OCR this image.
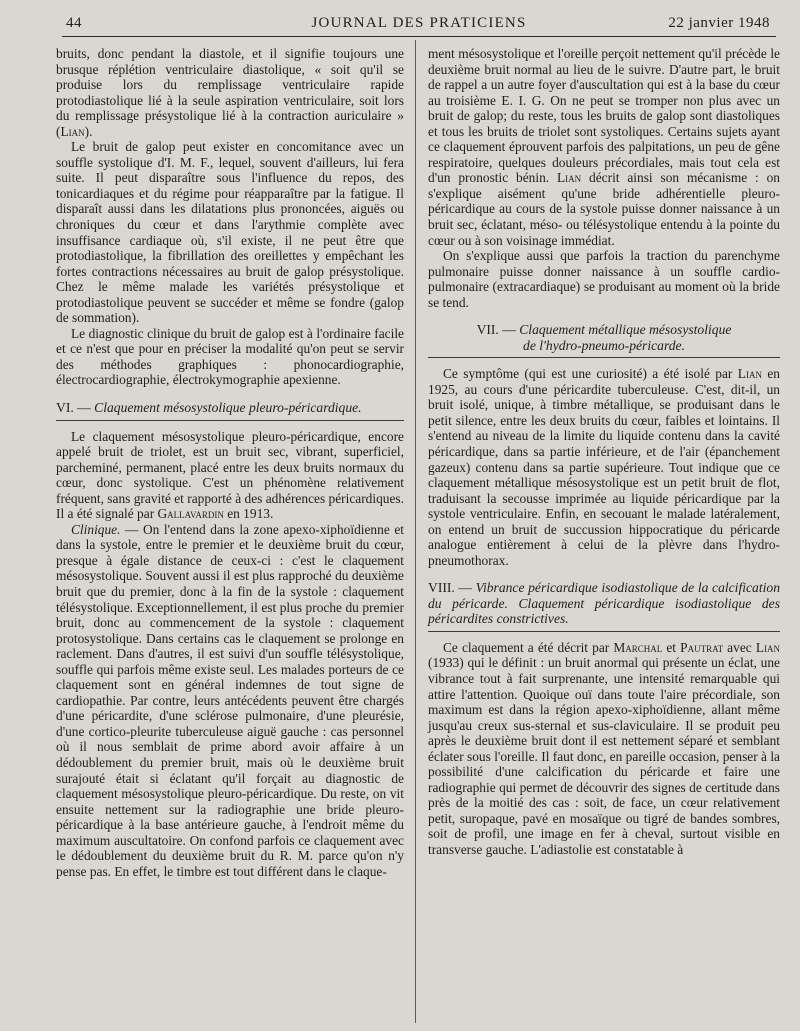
44	JOURNAL DES PRATICIENS	22 janvier 1948

bruits, donc pendant la diastole, et il signifie toujours une brusque réplétion ventriculaire diastolique, « soit qu'il se produise lors du remplissage ventriculaire rapide protodiastolique lié à la seule aspiration ventriculaire, soit lors du remplissage présystolique lié à la contraction auriculaire » (Lian).

Le bruit de galop peut exister en concomitance avec un souffle systolique d'I. M. F., lequel, souvent d'ailleurs, lui fera suite. Il peut disparaître sous l'influence du repos, des tonicardiaques et du régime pour réapparaître par la fatigue. Il disparaît aussi dans les dilatations plus prononcées, aiguës ou chroniques du cœur et dans l'arythmie complète avec insuffisance cardiaque où, s'il existe, il ne peut être que protodiastolique, la fibrillation des oreillettes y empêchant les fortes contractions nécessaires au bruit de galop présystolique. Chez le même malade les variétés présystolique et protodiastolique peuvent se succéder et même se fondre (galop de sommation).

Le diagnostic clinique du bruit de galop est à l'ordinaire facile et ce n'est que pour en préciser la modalité qu'on peut se servir des méthodes graphiques : phonocardiographie, électrocardiographie, électrokymographie apexienne.

VI. — Claquement mésosystolique pleuro-péricardique.

Le claquement mésosystolique pleuro-péricardique, encore appelé bruit de triolet, est un bruit sec, vibrant, superficiel, parcheminé, permanent, placé entre les deux bruits normaux du cœur, donc systolique. C'est un phénomène relativement fréquent, sans gravité et rapporté à des adhérences péricardiques. Il a été signalé par Gallavardin en 1913.

Clinique. — On l'entend dans la zone apexo-xiphoïdienne et dans la systole, entre le premier et le deuxième bruit du cœur, presque à égale distance de ceux-ci : c'est le claquement mésosystolique. Souvent aussi il est plus rapproché du deuxième bruit que du premier, donc à la fin de la systole : claquement télésystolique. Exceptionnellement, il est plus proche du premier bruit, donc au commencement de la systole : claquement protosystolique. Dans certains cas le claquement se prolonge en raclement. Dans d'autres, il est suivi d'un souffle télésystolique, souffle qui parfois même existe seul. Les malades porteurs de ce claquement sont en général indemnes de tout signe de cardiopathie. Par contre, leurs antécédents peuvent être chargés d'une péricardite, d'une sclérose pulmonaire, d'une pleurésie, d'une cortico-pleurite tuberculeuse aiguë gauche : cas personnel où il nous semblait de prime abord avoir affaire à un dédoublement du premier bruit, mais où le deuxième bruit surajouté était si éclatant qu'il forçait au diagnostic de claquement mésosystolique pleuro-péricardique. Du reste, on vit ensuite nettement sur la radiographie une bride pleuro-péricardique à la base antérieure gauche, à l'endroit même du maximum auscultatoire. On confond parfois ce claquement avec le dédoublement du deuxième bruit du R. M. parce qu'on n'y pense pas. En effet, le timbre est tout différent dans le claque-

ment mésosystolique et l'oreille perçoit nettement qu'il précède le deuxième bruit normal au lieu de le suivre. D'autre part, le bruit de rappel a un autre foyer d'auscultation qui est à la base du cœur au troisième E. I. G. On ne peut se tromper non plus avec un bruit de galop; du reste, tous les bruits de galop sont diastoliques et tous les bruits de triolet sont systoliques. Certains sujets ayant ce claquement éprouvent parfois des palpitations, un peu de gêne respiratoire, quelques douleurs précordiales, mais tout cela est d'un pronostic bénin. Lian décrit ainsi son mécanisme : on s'explique aisément qu'une bride adhérentielle pleuro-péricardique au cours de la systole puisse donner naissance à un bruit sec, éclatant, méso- ou télésystolique entendu à la pointe du cœur ou à son voisinage immédiat.

On s'explique aussi que parfois la traction du parenchyme pulmonaire puisse donner naissance à un souffle cardio-pulmonaire (extracardiaque) se produisant au moment où la bride se tend.

VII. — Claquement métallique mésosystolique
de l'hydro-pneumo-péricarde.

Ce symptôme (qui est une curiosité) a été isolé par Lian en 1925, au cours d'une péricardite tuberculeuse. C'est, dit-il, un bruit isolé, unique, à timbre métallique, se produisant dans le petit silence, entre les deux bruits du cœur, faibles et lointains. Il s'entend au niveau de la limite du liquide contenu dans la cavité péricardique, dans sa partie inférieure, et de l'air (épanchement gazeux) contenu dans sa partie supérieure. Tout indique que ce claquement métallique mésosystolique est un petit bruit de flot, traduisant la secousse imprimée au liquide péricardique par la systole ventriculaire. Enfin, en secouant le malade latéralement, on entend un bruit de succussion hippocratique du péricarde analogue entièrement à celui de la plèvre dans l'hydro-pneumothorax.

VIII. — Vibrance péricardique isodiastolique de la calcification du péricarde. Claquement péricardique isodiastolique des péricardites constrictives.

Ce claquement a été décrit par Marchal et Pautrat avec Lian (1933) qui le définit : un bruit anormal qui présente un éclat, une vibrance tout à fait surprenante, une intensité remarquable qui attire l'attention. Quoique ouï dans toute l'aire précordiale, son maximum est dans la région apexo-xiphoïdienne, allant même jusqu'au creux sus-sternal et sus-claviculaire. Il se produit peu après le deuxième bruit dont il est nettement séparé et semblant éclater sous l'oreille. Il faut donc, en pareille occasion, penser à la possibilité d'une calcification du péricarde et faire une radiographie qui permet de découvrir des signes de certitude dans près de la moitié des cas : soit, de face, un cœur relativement petit, suropaque, pavé en mosaïque ou tigré de bandes sombres, soit de profil, une image en fer à cheval, surtout visible en transverse gauche. L'adiastolie est constatable à
